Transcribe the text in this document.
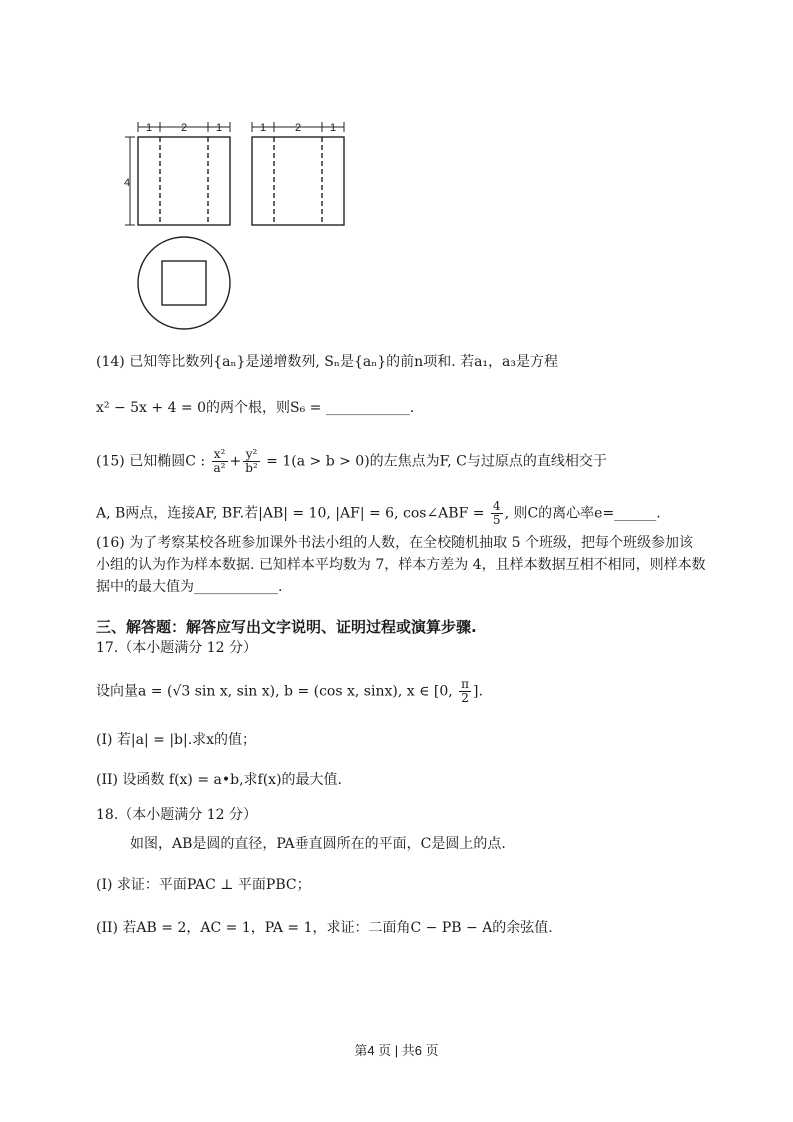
1	2	1	1	2	1
4
(14) 已知等比数列{aₙ}是递增数列, Sₙ是{aₙ}的前n项和. 若a₁，a₃是方程
x² − 5x + 4 = 0的两个根，则S₆ = ____________.
(15) 已知椭圆C : $\frac{\text{x²}}{\text{a²}} + \frac{\text{y²}}{\text{b²}} = 1(a > b > 0)$的左焦点为F, C与过原点的直线相交于
A, B两点，连接AF, BF.若|AB| = 10, |AF| = 6, cos∠ABF = $\frac{4}{5}$ , 则C的离心率e=______.
(16) 为了考察某校各班参加课外书法小组的人数，在全校随机抽取 5 个班级，把每个班级参加该
小组的认为作为样本数据. 已知样本平均数为 7，样本方差为 4，且样本数据互相不相同，则样本数
据中的最大值为____________.
三、解答题：解答应写出文字说明、证明过程或演算步骤.
17.（本小题满分 12 分）
设向量a = (√3 sin x, sin x), b = (cos x, sinx), x ∈ [0, $\frac{\pi}{2}$ ].
(I) 若|a| = |b|.求x的值；
(II) 设函数 f(x) = a•b,求f(x)的最大值.
18.（本小题满分 12 分）
如图，AB是圆的直径，PA垂直圆所在的平面，C是圆上的点.
(I) 求证：平面PAC ⊥ 平面PBC；
(II) 若AB = 2，AC = 1，PA = 1，求证：二面角C − PB − A的余弦值.
第4 页 | 共6 页
